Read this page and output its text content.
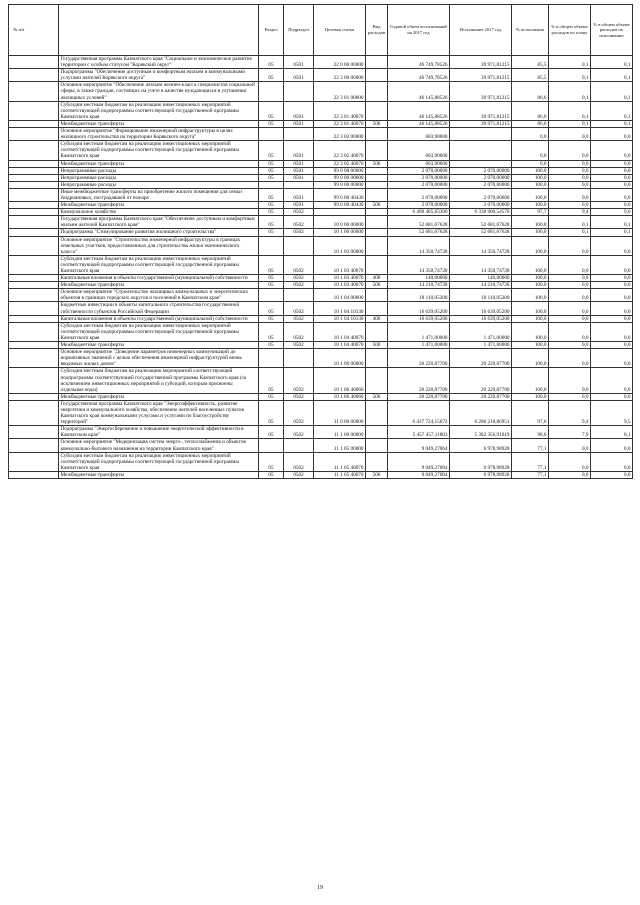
№ п/п		Раздел	Подраздел	Целевая статья	Вид расходов	Годовой объем ассигнований на 2017 год	Исполнение 2017 год	% исполнения	% в общем объеме расходов по плану	% в общем объеме расходов по исполнению
	Государственная программа Камчатского края "Социальное и экономическое развитие территории с особым статусом "Корякский округ"	05	0501	22 0 00 00000		46 749,78526	39 971,81215	85,5	0,1	0,1
	Подпрограмма "Обеспечение доступным и комфортным жильем и коммунальными услугами жителей Корякского округа"	05	0501	22 3 00 00000		46 749,78526	39 971,81215	85,5	0,1	0,1
	Основное мероприятие "Обеспечение жильем жизнен-класса специалистов социальной сферы, в также граждан, состоящих на учете в качестве нуждающихся в улучшении жилищных условий"			22 3 01 00000		46 145,88526	39 971,81215	86,6	0,1	0,1
	Субсидии местным бюджетам на реализацию инвестиционных мероприятий соответствующей подпрограммы соответствующей государственной программы Камчатского края	05	0501	22 3 01 40070		46 145,88526	39 971,81215	86,6	0,1	0,1
	Межбюджетные трансферты	05	0501	22 3 01 40070	500	46 145,88526	39 971,81215	86,6	0,1	0,1
	Основное мероприятие "Формирование инженерной инфраструктуры в целях жилищного строительства на территории Корякского округа"			22 3 02 00000		603,90000		0,0	0,0	0,0
	Субсидии местным бюджетам на реализацию инвестиционных мероприятий соответствующей подпрограммы соответствующей государственной программы Камчатского края	05	0501	22 3 02 40070		603,90000		0,0	0,0	0,0
	Межбюджетные трансферты	05	0501	22 3 02 40070	500	603,90000		0,0	0,0	0,0
	Непрограммные расходы	05	0501	99 0 00 00000		2 070,00000	2 070,00000	100,0	0,0	0,0
	Непрограммные расходы	05	0501	99 0 00 00000		2 070,00000	2 070,00000	100,0	0,0	0,0
	Непрограммные расходы			99 0 00 00000		2 070,00000	2 070,00000	100,0	0,0	0,0
	Иные межбюджетные трансферты на приобретение жилого помещения для семьи Андриановых, пострадавшей от пожара	05	0501	99 0 00 40430		2 070,00000	2 070,00000	100,0	0,0	0,0
	Межбюджетные трансферты	05	0501	99 0 00 40430	500	2 070,00000	2 070,00000	100,0	0,0	0,0
	Коммунальное хозяйство	05	0502			6 490 405,83300	6 338 900,54570	97,7	9,4	9,6
	Государственная программа Камчатского края "Обеспечение доступным и комфортным жильем жителей Камчатского края"	05	0502	10 0 00 00000		52 681,67628	52 681,67628	100,0	0,1	0,1
	Подпрограмма "Стимулирование развития жилищного строительства"	05	0502	10 1 00 00000		52 681,67628	52 681,67628	100,0	0,1	0,1
	Основное мероприятие "Строительство инженерной инфраструктуры в границах земельных участков, предоставленных для строительства жилья экономического класса"			10 1 03 00000		14 350,74728	14 350,74728	100,0	0,0	0,0
	Субсидии местным бюджетам на реализацию инвестиционных мероприятий соответствующей подпрограммы соответствующей государственной программы Камчатского края	05	0502	10 1 03 40070		14 350,74728	14 350,74728	100,0	0,0	0,0
	Капитальные вложения в объекты государственной (муниципальной) собственности	05	0502	10 1 03 40070	400	140,00000	140,00000	100,0	0,0	0,0
	Межбюджетные трансферты	05	0502	10 1 03 40070	500	14 210,74728	14 210,74728	100,0	0,0	0,0
	Основное мероприятие "Строительство жилищных коммунальных и энергетических объектов в границах городских округов и поселений в Камчатском крае"			10 1 04 00000		18 110,05200	18 110,05200	100,0	0,0	0,0
	Бюджетные инвестиции в объекты капитального строительства государственной собственности субъектов Российской Федерации	05	0502	10 1 04 10130		16 639,05200	16 639,05200	100,0	0,0	0,0
	Капитальные вложения в объекты государственной (муниципальной) собственности	05	0502	10 1 04 10130	400	16 639,05200	16 639,05200	100,0	0,0	0,0
	Субсидии местным бюджетам на реализацию инвестиционных мероприятий соответствующей подпрограммы соответствующей государственной программы Камчатского края	05	0502	10 1 04 40070		1 471,00000	1 471,00000	100,0	0,0	0,0
	Межбюджетные трансферты	05	0502	10 1 04 40070	500	1 471,00000	1 471,00000	100,0	0,0	0,0
	Основное мероприятие "Доведение параметров инженерных коммуникаций до нормативных значений с целью обеспечения инженерной инфраструктурой вновь вводимых жилых домов"			10 1 06 00000		20 220,87700	20 220,87700	100,0	0,0	0,0
	Субсидии местным бюджетам на реализацию мероприятий соответствующей подпрограммы соответствующей государственной программы Камчатского края (за исключением инвестиционных мероприятий и субсидий, которым присвоены отдельные коды)	05	0502	10 1 06 40060		20 220,87700	20 220,87700	100,0	0,0	0,0
	Межбюджетные трансферты	05	0502	10 1 06 40060	500	20 220,87700	20 220,87700	100,0	0,0	0,0
	Государственная программа Камчатского края "Энергоэффективность, развитие энергетики и коммунального хозяйства, обеспечение жителей населенных пунктов Камчатского края коммунальными услугами и услугами по благоустройству территорий"	05	0502	11 0 00 00000		6 437 724,15672	6 286 218,86951	97,6	9,4	9,5
	Подпрограмма "Энергосбережение и повышение энергетической эффективности в Камчатском крае"	05	0502	11 1 00 00000		5 457 457,11803	5 382 356,91019	98,6	7,9	8,1
	Основное мероприятие "Модернизация систем энерго-, теплоснабжения и объектов коммунально-бытового назначения на территории Камчатского края"			11 1 05 00000		9 049,27064	6 978,98928	77,1	0,0	0,0
	Субсидии местным бюджетам на реализацию инвестиционных мероприятий соответствующей подпрограммы соответствующей государственной программы Камчатского края	05	0502	11 1 05 40070		9 049,27064	6 978,98928	77,1	0,0	0,0
	Межбюджетные трансферты	05	0502	11 1 05 40070	500	9 049,27064	6 978,98928	77,1	0,0	0,0
19
